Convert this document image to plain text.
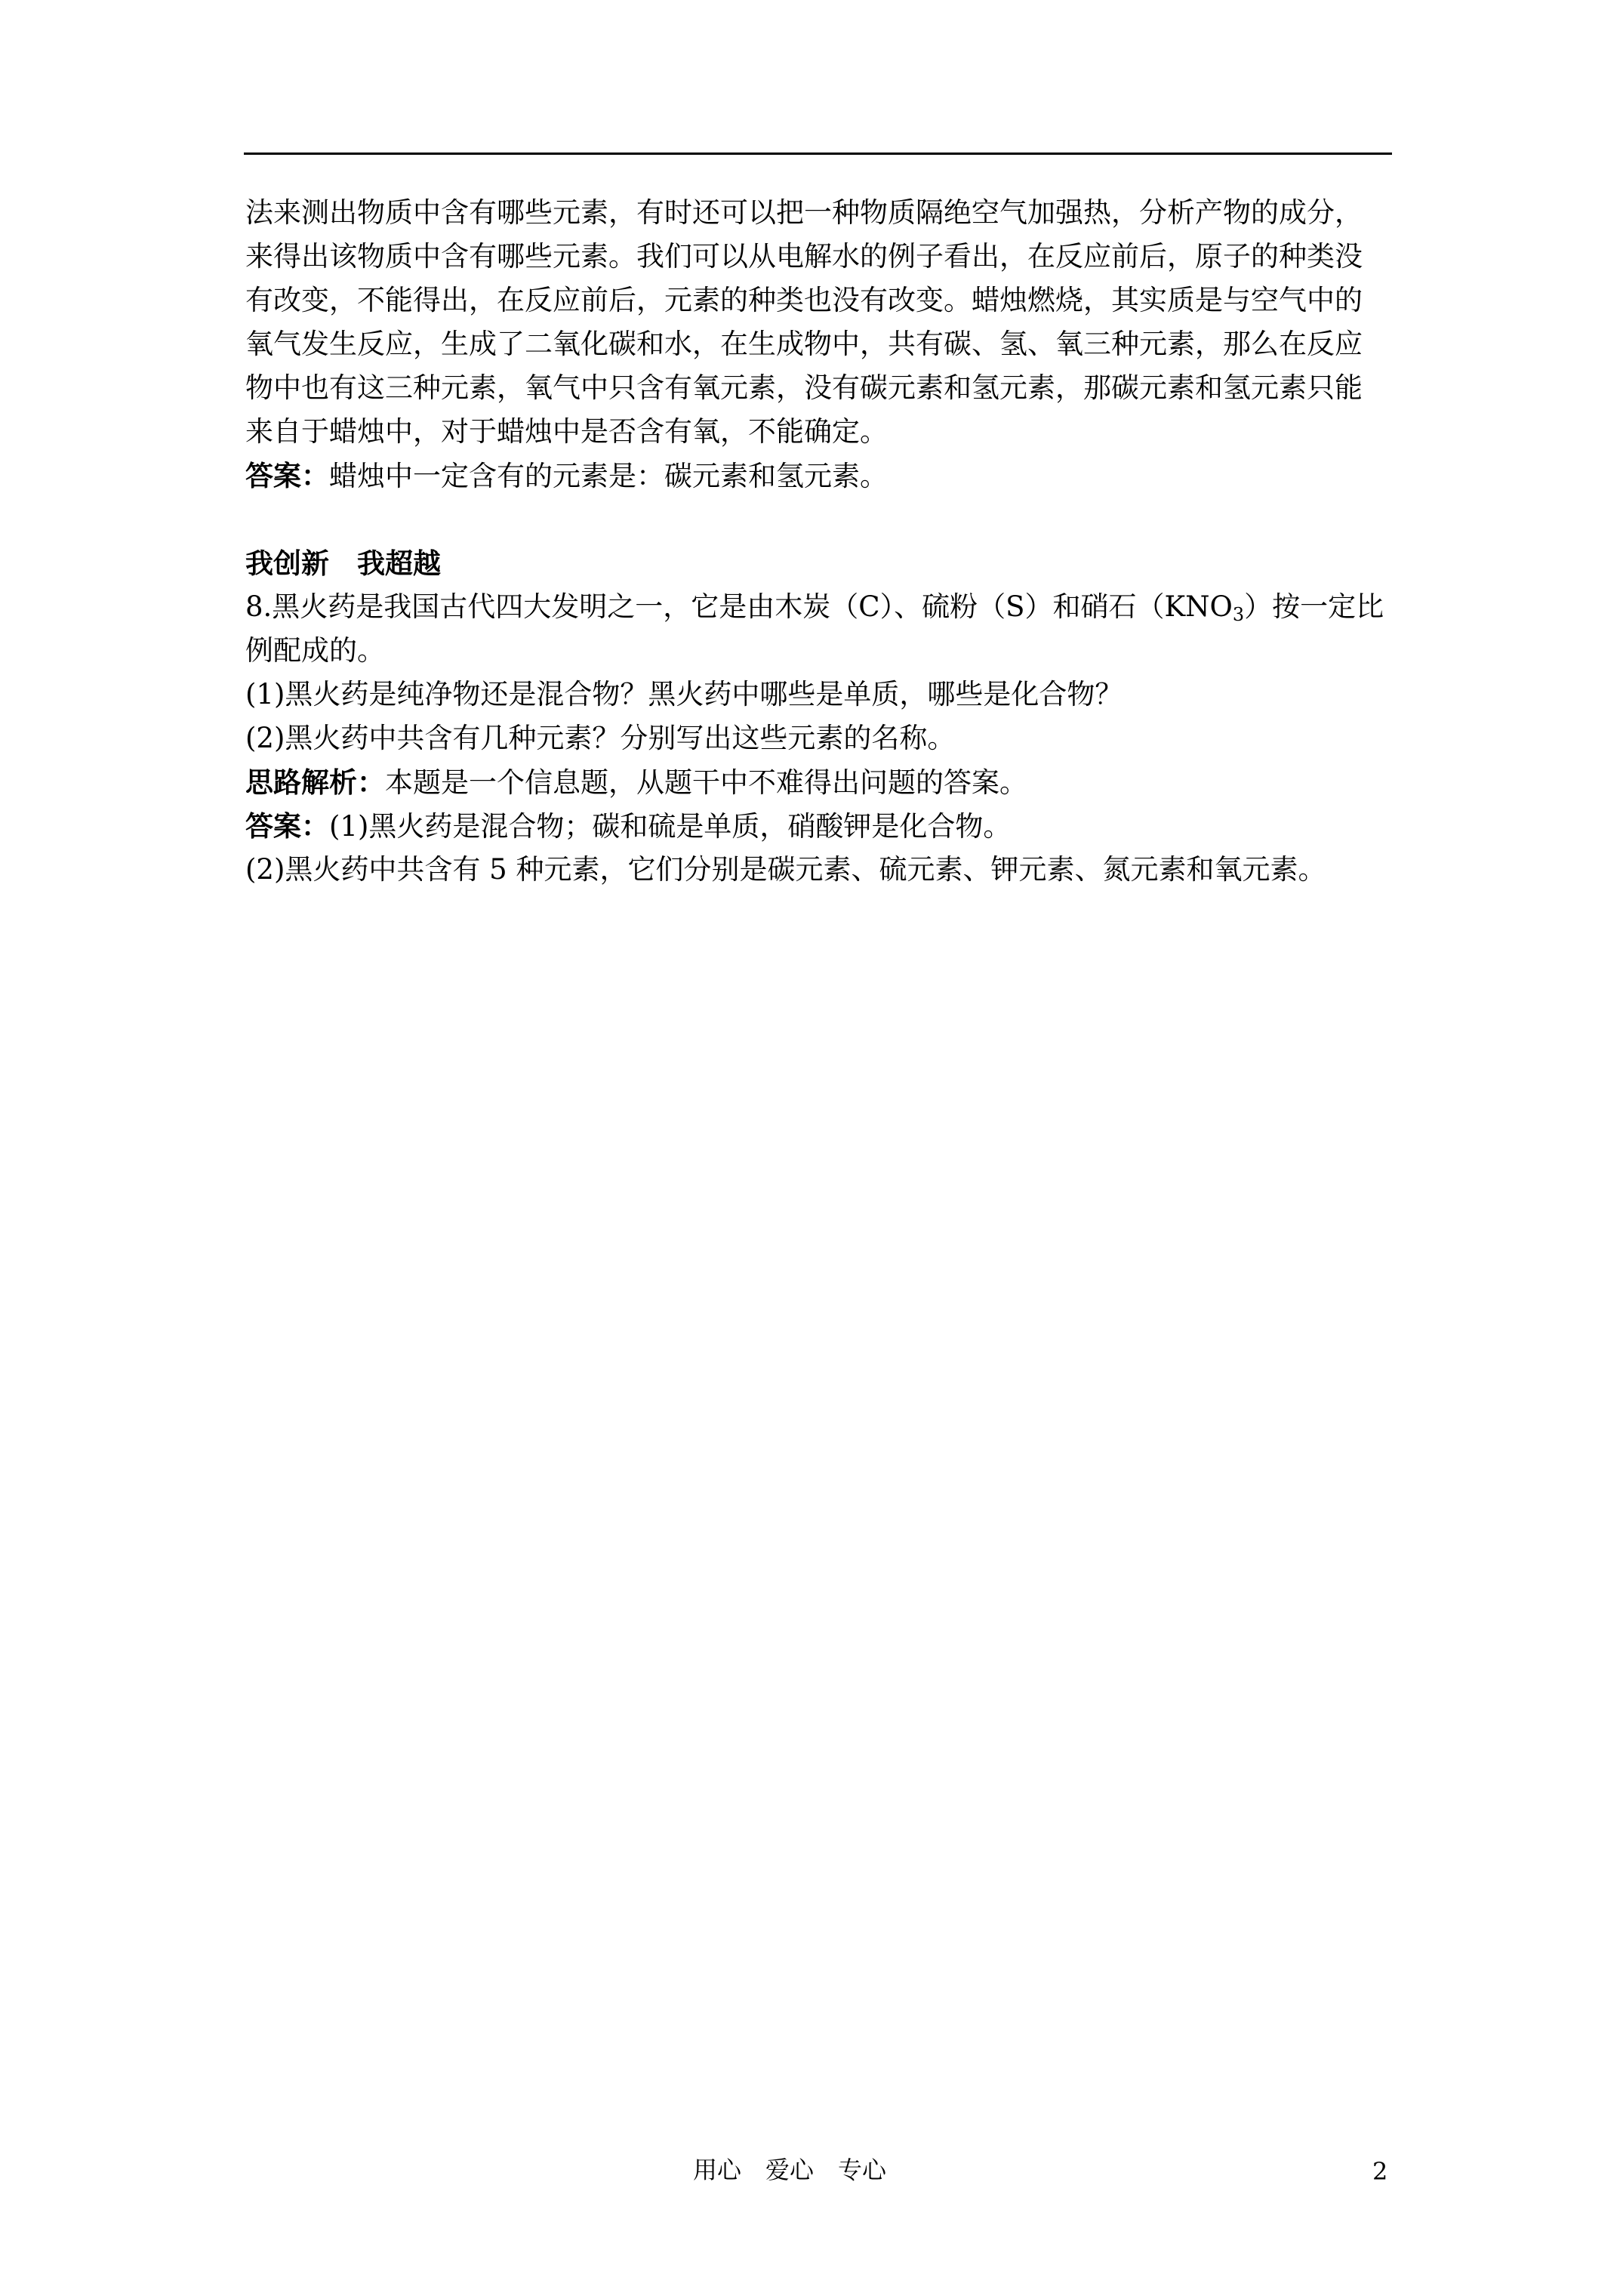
法来测出物质中含有哪些元素，有时还可以把一种物质隔绝空气加强热，分析产物的成分，
来得出该物质中含有哪些元素。我们可以从电解水的例子看出，在反应前后，原子的种类没
有改变，不能得出，在反应前后，元素的种类也没有改变。蜡烛燃烧，其实质是与空气中的
氧气发生反应，生成了二氧化碳和水，在生成物中，共有碳、氢、氧三种元素，那么在反应
物中也有这三种元素，氧气中只含有氧元素，没有碳元素和氢元素，那碳元素和氢元素只能
来自于蜡烛中，对于蜡烛中是否含有氧，不能确定。
答案：蜡烛中一定含有的元素是：碳元素和氢元素。
我创新　我超越
8.黑火药是我国古代四大发明之一，它是由木炭（C）、硫粉（S）和硝石$(KNO_3)$按一定比
例配成的。
(1)黑火药是纯净物还是混合物？黑火药中哪些是单质，哪些是化合物？
(2)黑火药中共含有几种元素？分别写出这些元素的名称。
思路解析：本题是一个信息题，从题干中不难得出问题的答案。
答案：(1)黑火药是混合物；碳和硫是单质，硝酸钾是化合物。
(2)黑火药中共含有 5 种元素，它们分别是碳元素、硫元素、钾元素、氮元素和氧元素。
用心　爱心　专心	2
